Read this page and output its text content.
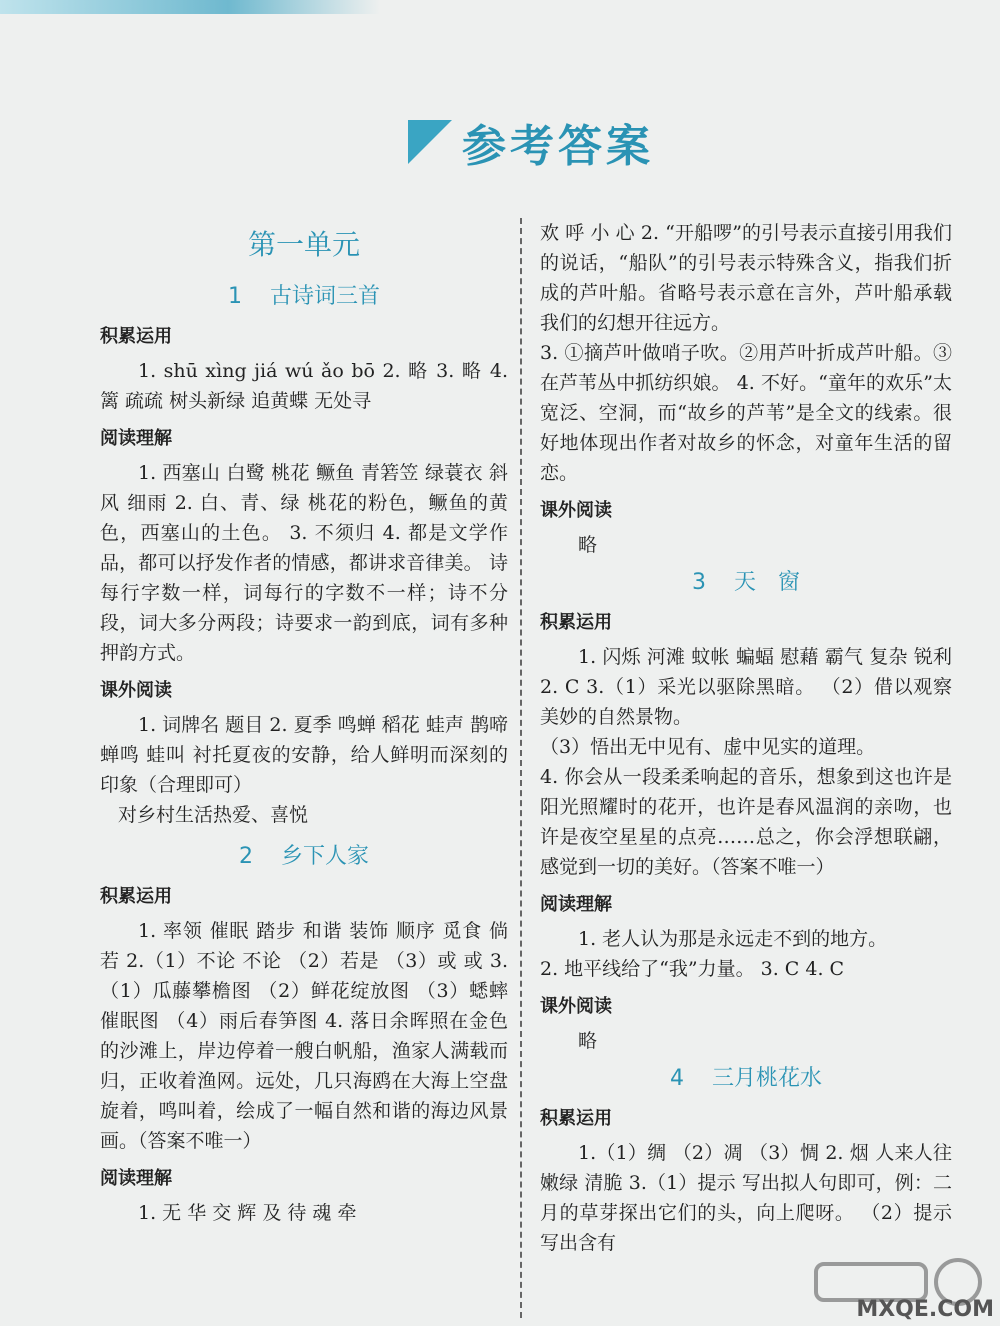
参考答案
第一单元
1 古诗词三首
积累运用

1. shū xìng jiá wú ǎo bō 2. 略 3. 略 4. 篱 疏疏 树头新绿 追黄蝶 无处寻

阅读理解

1. 西塞山 白鹭 桃花 鳜鱼 青箬笠 绿蓑衣 斜风 细雨 2. 白、青、绿 桃花的粉色，鳜鱼的黄色，西塞山的土色。 3. 不须归 4. 都是文学作品，都可以抒发作者的情感，都讲求音律美。 诗每行字数一样，词每行的字数不一样；诗不分段，词大多分两段；诗要求一韵到底，词有多种押韵方式。

课外阅读

1. 词牌名 题目 2. 夏季 鸣蝉 稻花 蛙声 鹊啼 蝉鸣 蛙叫 衬托夏夜的安静，给人鲜明而深刻的印象（合理即可）

对乡村生活热爱、喜悦

2 乡下人家
积累运用

1. 率领 催眠 踏步 和谐 装饰 顺序 觅食 倘若 2.（1）不论 不论 （2）若是 （3）或 或 3.（1）瓜藤攀檐图 （2）鲜花绽放图 （3）蟋蟀催眠图 （4）雨后春笋图 4. 落日余晖照在金色的沙滩上，岸边停着一艘白帆船，渔家人满载而归，正收着渔网。远处，几只海鸥在大海上空盘旋着，鸣叫着，绘成了一幅自然和谐的海边风景画。（答案不唯一）

阅读理解

1. 无 华 交 辉 及 待 魂 牵

欢 呼 小 心 2. “开船啰”的引号表示直接引用我们的说话，“船队”的引号表示特殊含义，指我们折成的芦叶船。省略号表示意在言外，芦叶船承载我们的幻想开往远方。

3. ①摘芦叶做哨子吹。②用芦叶折成芦叶船。③在芦苇丛中抓纺织娘。 4. 不好。“童年的欢乐”太宽泛、空洞，而“故乡的芦苇”是全文的线索。很好地体现出作者对故乡的怀念，对童年生活的留恋。

课外阅读

略

3 天　窗
积累运用

1. 闪烁 河滩 蚊帐 蝙蝠 慰藉 霸气 复杂 锐利 2. C 3.（1）采光以驱除黑暗。 （2）借以观察美妙的自然景物。

（3）悟出无中见有、虚中见实的道理。

4. 你会从一段柔柔响起的音乐，想象到这也许是阳光照耀时的花开，也许是春风温润的亲吻，也许是夜空星星的点亮……总之，你会浮想联翩，感觉到一切的美好。（答案不唯一）

阅读理解

1. 老人认为那是永远走不到的地方。

2. 地平线给了“我”力量。 3. C 4. C

课外阅读

略

4 三月桃花水
积累运用

1.（1）绸 （2）凋 （3）惆 2. 烟 人来人往 嫩绿 清脆 3.（1）提示 写出拟人句即可，例：二月的草芽探出它们的头，向上爬呀。 （2）提示 写出含有

MXQE.COM
